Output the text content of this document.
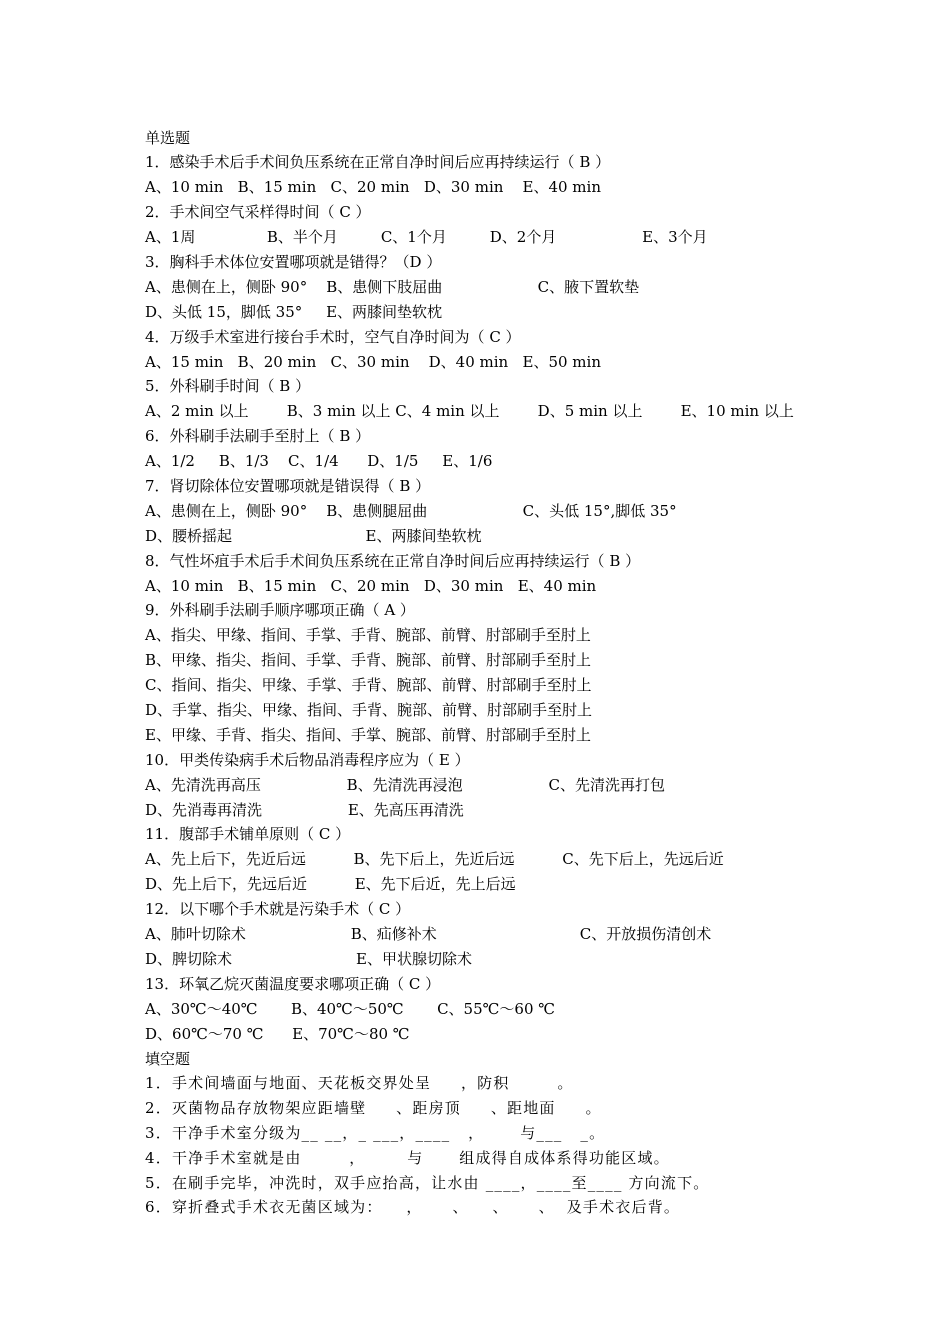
单选题
1．感染手术后手术间负压系统在正常自净时间后应再持续运行（ B ）
A、10 min   B、15 min   C、20 min   D、30 min    E、40 min
2．手术间空气采样得时间（ C ）
A、1周               B、半个月         C、1个月         D、2个月                  E、3个月
3．胸科手术体位安置哪项就是错得？（D ）
A、患侧在上，侧卧 90°    B、患侧下肢屈曲                    C、腋下置软垫
D、头低 15，脚低 35°     E、两膝间垫软枕
4．万级手术室进行接台手术时，空气自净时间为（ C ）
A、15 min   B、20 min   C、30 min    D、40 min   E、50 min
5．外科刷手时间（ B ）
A、2 min 以上        B、3 min 以上 C、4 min 以上        D、5 min 以上        E、10 min 以上
6．外科刷手法刷手至肘上（ B ）
A、1/2     B、1/3    C、1/4      D、1/5     E、1/6
7．肾切除体位安置哪项就是错误得（ B ）
A、患侧在上，侧卧 90°    B、患侧腿屈曲                    C、头低 15°,脚低 35°
D、腰桥摇起                            E、两膝间垫软枕
8．气性坏疽手术后手术间负压系统在正常自净时间后应再持续运行（ B ）
A、10 min   B、15 min   C、20 min   D、30 min   E、40 min
9．外科刷手法刷手顺序哪项正确（ A ）
A、指尖、甲缘、指间、手掌、手背、腕部、前臂、肘部刷手至肘上
B、甲缘、指尖、指间、手掌、手背、腕部、前臂、肘部刷手至肘上
C、指间、指尖、甲缘、手掌、手背、腕部、前臂、肘部刷手至肘上
D、手掌、指尖、甲缘、指间、手背、腕部、前臂、肘部刷手至肘上
E、甲缘、手背、指尖、指间、手掌、腕部、前臂、肘部刷手至肘上
10．甲类传染病手术后物品消毒程序应为（ E ）
A、先清洗再高压                  B、先清洗再浸泡                  C、先清洗再打包
D、先消毒再清洗                  E、先高压再清洗
11．腹部手术铺单原则（ C ）
A、先上后下，先近后远          B、先下后上，先近后远          C、先下后上，先远后近
D、先上后下，先远后近          E、先下后近，先上后远
12．以下哪个手术就是污染手术（ C ）
A、肺叶切除术                      B、疝修补术                              C、开放损伤清创术
D、脾切除术                          E、甲状腺切除术
13．环氧乙烷灭菌温度要求哪项正确（ C ）
A、30℃～40℃       B、40℃～50℃       C、55℃～60 ℃
D、60℃～70 ℃      E、70℃～80 ℃
填空题
1．手术间墙面与地面、天花板交界处呈     ，防积        。
2．灭菌物品存放物架应距墙壁     、距房顶     、距地面     。
3．干净手术室分级为__ __，_ ___，____   ，      与___   _。
4．干净手术室就是由        ，       与      组成得自成体系得功能区域。
5．在刷手完毕，冲洗时，双手应抬高，让水由 ____，____至____ 方向流下。
6．穿折叠式手术衣无菌区域为：    ，     、    、     、  及手术衣后背。
